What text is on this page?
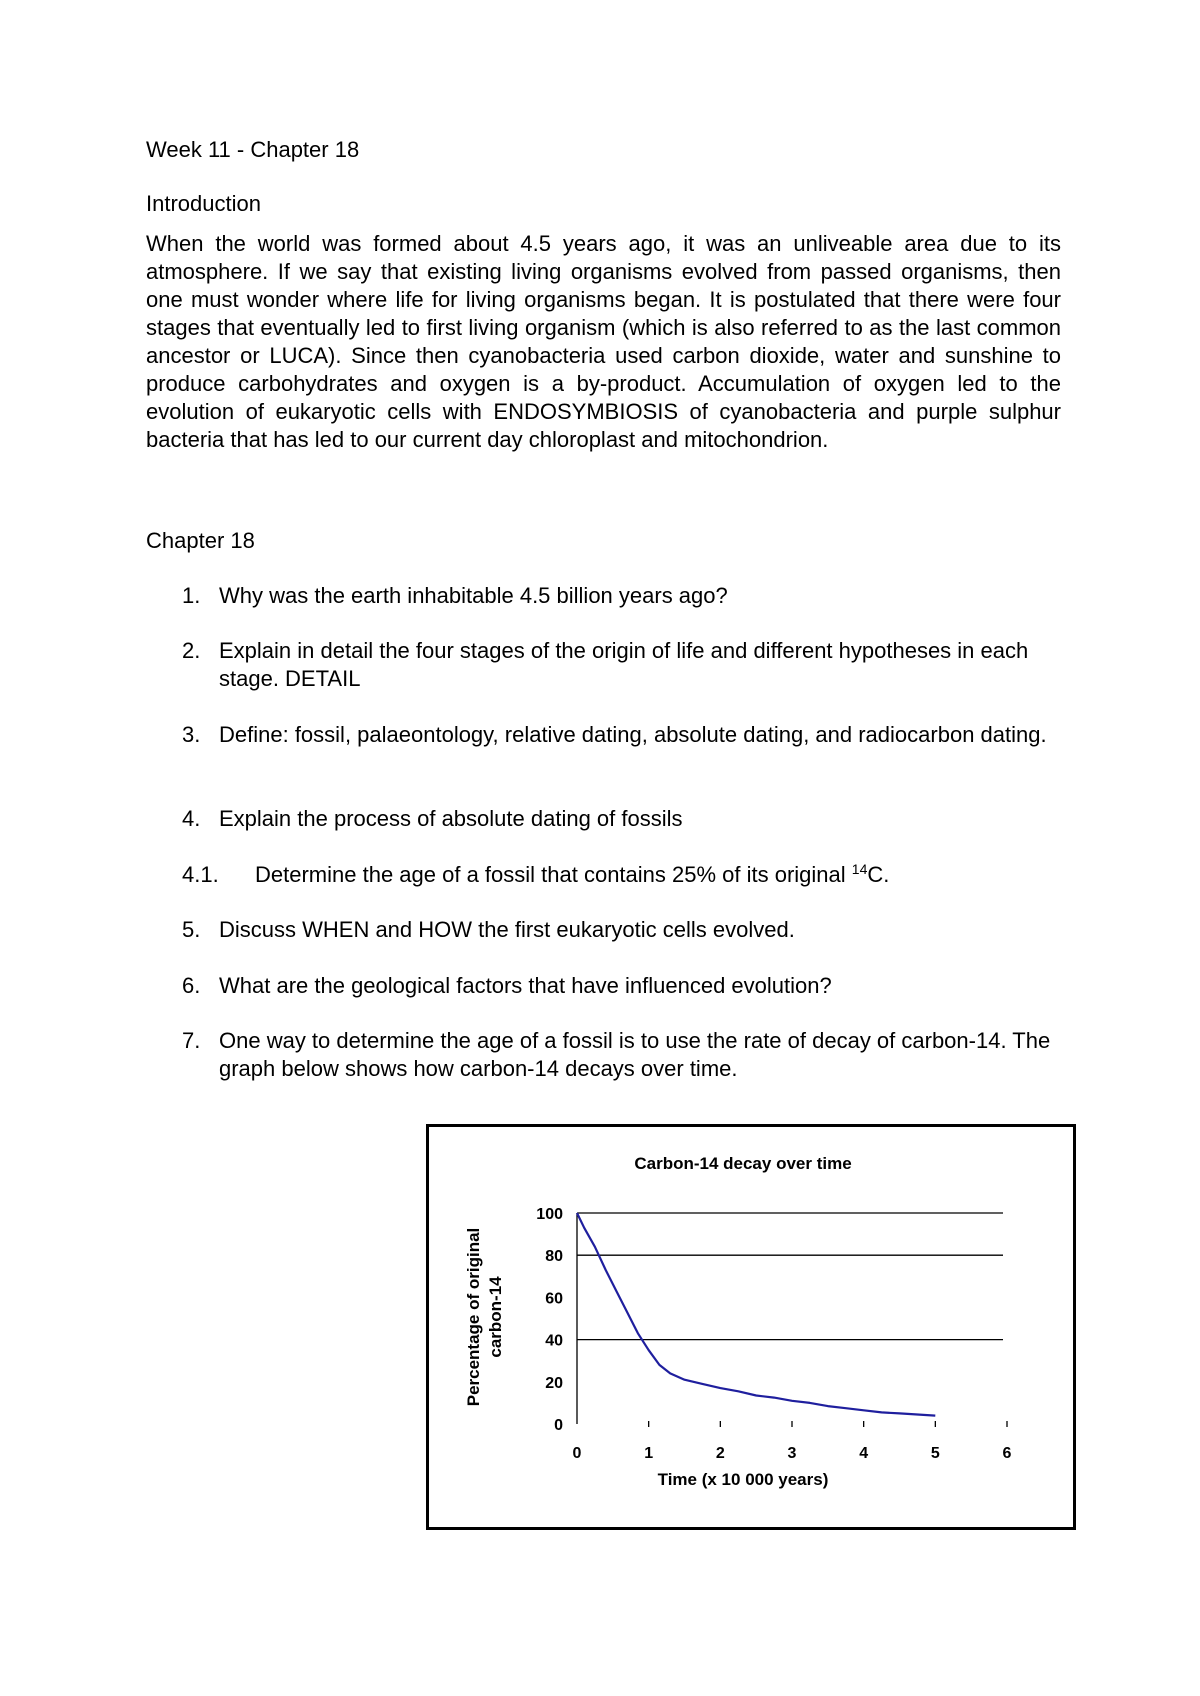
Week 11 - Chapter 18
Introduction
When the world was formed about 4.5 years ago, it was an unliveable area due to its atmosphere. If we say that existing living organisms evolved from passed organisms, then one must wonder where life for living organisms began. It is postulated that there were four stages that eventually led to first living organism (which is also referred to as the last common ancestor or LUCA). Since then cyanobacteria used carbon dioxide, water and sunshine to produce carbohydrates and oxygen is a by-product. Accumulation of oxygen led to the evolution of eukaryotic cells with ENDOSYMBIOSIS of cyanobacteria and purple sulphur bacteria that has led to our current day chloroplast and mitochondrion.
Chapter 18
1. Why was the earth inhabitable 4.5 billion years ago?
2. Explain in detail the four stages of the origin of life and different hypotheses in each stage. DETAIL
3. Define: fossil, palaeontology, relative dating, absolute dating, and radiocarbon dating.
4. Explain the process of absolute dating of fossils
4.1. Determine the age of a fossil that contains 25% of its original $^{14}$C.
5. Discuss WHEN and HOW the first eukaryotic cells evolved.
6. What are the geological factors that have influenced evolution?
7. One way to determine the age of a fossil is to use the rate of decay of carbon-14. The graph below shows how carbon-14 decays over time.
Carbon-14 decay over time
Time (x 10 000 years)
Percentage of original carbon-14
0
20
40
60
80
100
0	1	2	3	4	5	6
